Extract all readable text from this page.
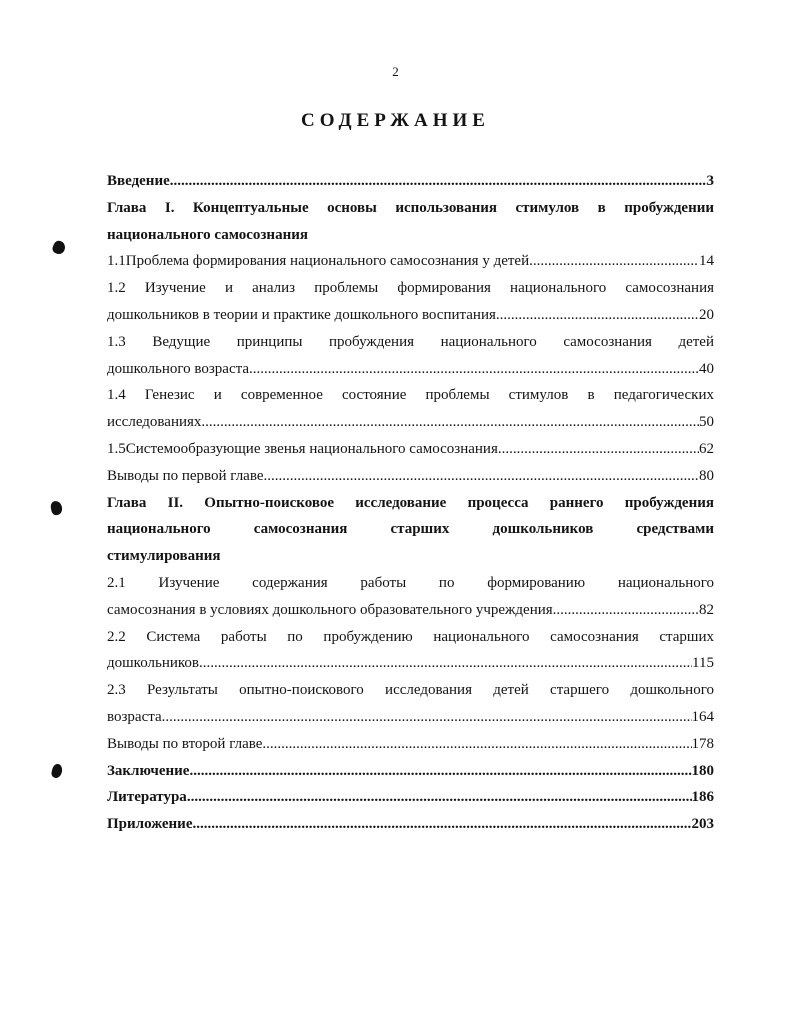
2
СОДЕРЖАНИЕ
Введение .....	3
Глава I. Концептуальные основы использования стимулов в пробуждении
национального самосознания
1.1 Проблема формирования национального самосознания у детей .....	14
1.2 Изучение и анализ проблемы формирования национального самосознания
дошкольников в теории и практике дошкольного воспитания .....	20
1.3 Ведущие принципы пробуждения национального самосознания детей
дошкольного возраста .....	40
1.4 Генезис и современное состояние проблемы стимулов в педагогических
исследованиях .....	50
1.5 Системообразующие звенья национального самосознания .....	62
Выводы по первой главе .....	80
Глава II. Опытно-поисковое исследование процесса раннего пробуждения
национального самосознания старших дошкольников средствами
стимулирования
2.1 Изучение содержания работы по формированию национального
самосознания в условиях дошкольного образовательного учреждения .....	82
2.2 Система работы по пробуждению национального самосознания старших
дошкольников .....	115
2.3 Результаты опытно-поискового исследования детей старшего дошкольного
возраста .....	164
Выводы по второй главе .....	178
Заключение .....	180
Литература .....	186
Приложение .....	203
